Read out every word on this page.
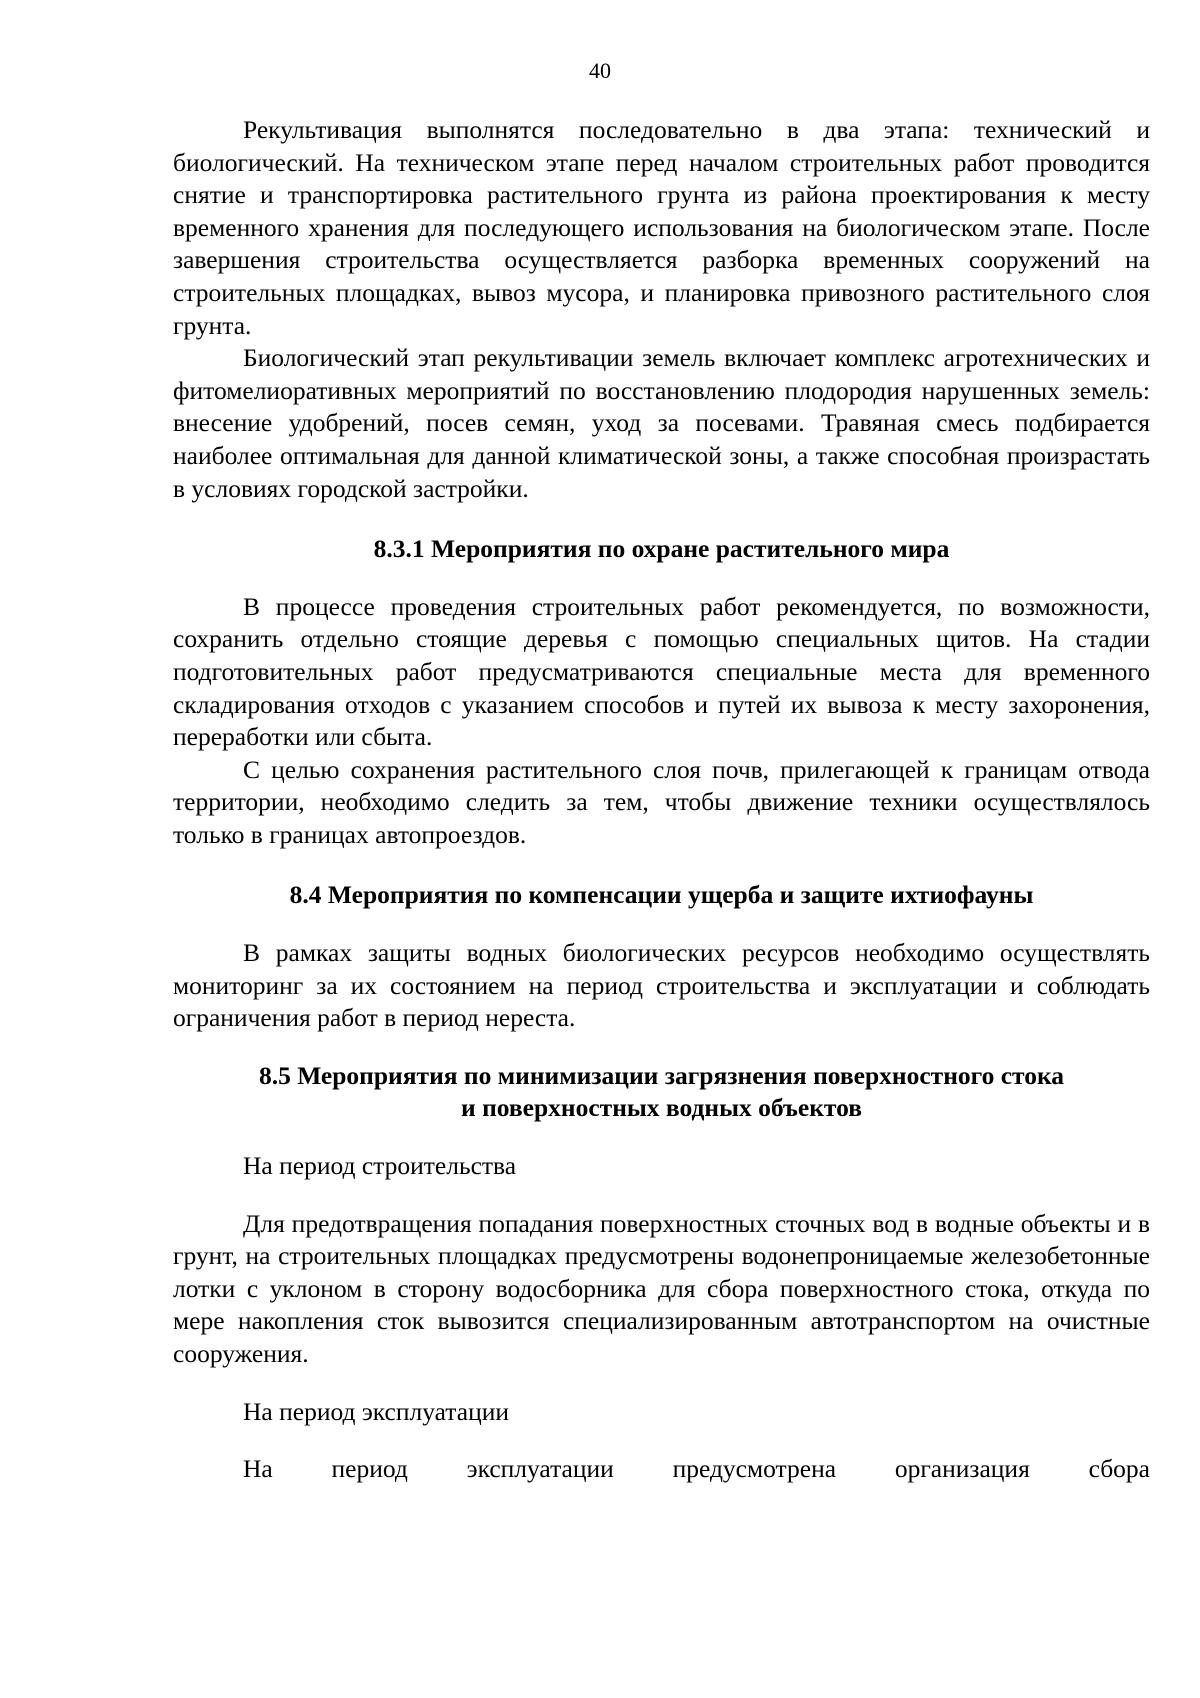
40

Рекультивация выполнятся последовательно в два этапа: технический и биологический. На техническом этапе перед началом строительных работ проводится снятие и транспортировка растительного грунта из района проектирования к месту временного хранения для последующего использования на биологическом этапе. После завершения строительства осуществляется разборка временных сооружений на строительных площадках, вывоз мусора, и планировка привозного растительного слоя грунта.

Биологический этап рекультивации земель включает комплекс агротехнических и фитомелиоративных мероприятий по восстановлению плодородия нарушенных земель: внесение удобрений, посев семян, уход за посевами. Травяная смесь подбирается наиболее оптимальная для данной климатической зоны, а также способная произрастать в условиях городской застройки.

8.3.1 Мероприятия по охране растительного мира

В процессе проведения строительных работ рекомендуется, по возможности, сохранить отдельно стоящие деревья с помощью специальных щитов. На стадии подготовительных работ предусматриваются специальные места для временного складирования отходов с указанием способов и путей их вывоза к месту захоронения, переработки или сбыта.

С целью сохранения растительного слоя почв, прилегающей к границам отвода территории, необходимо следить за тем, чтобы движение техники осуществлялось только в границах автопроездов.

8.4 Мероприятия по компенсации ущерба и защите ихтиофауны

В рамках защиты водных биологических ресурсов необходимо осуществлять мониторинг за их состоянием на период строительства и эксплуатации и соблюдать ограничения работ в период нереста.

8.5 Мероприятия по минимизации загрязнения поверхностного стока
и поверхностных водных объектов

На период строительства

Для предотвращения попадания поверхностных сточных вод в водные объекты и в грунт, на строительных площадках предусмотрены водонепроницаемые железобетонные лотки с уклоном в сторону водосборника для сбора поверхностного стока, откуда по мере накопления сток вывозится специализированным автотранспортом на очистные сооружения.

На период эксплуатации

На период эксплуатации предусмотрена организация сбора
